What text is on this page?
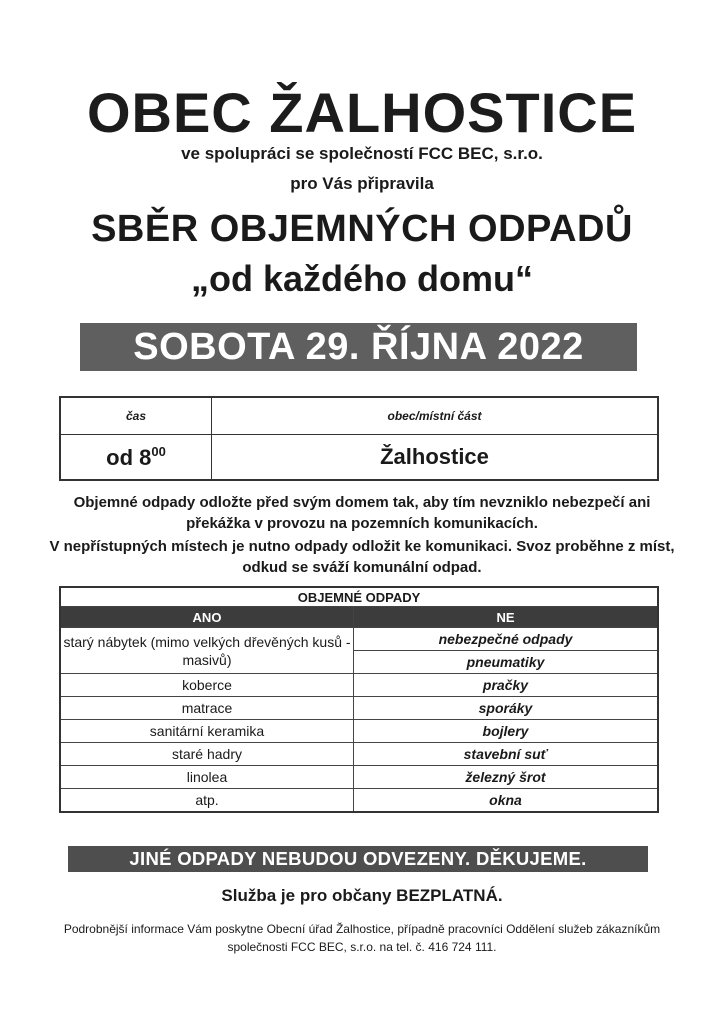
OBEC ŽALHOSTICE
ve spolupráci se společností FCC BEC, s.r.o.
pro Vás připravila
SBĚR OBJEMNÝCH ODPADŮ
„od každého domu“
SOBOTA 29. ŘÍJNA 2022
čas	obec/místní část
od $8^{00}$	Žalhostice
Objemné odpady odložte před svým domem tak, aby tím nevzniklo nebezpečí ani překážka v provozu na pozemních komunikacích.
V nepřístupných místech je nutno odpady odložit ke komunikaci. Svoz proběhne z míst, odkud se sváží komunální odpad.
OBJEMNÉ ODPADY	
ANO	NE
starý nábytek (mimo velkých dřevěných kusů - masivů)	nebezpečné odpady
	pneumatiky
koberce	pračky
matrace	sporáky
sanitární keramika	bojlery
staré hadry	stavební suť
linolea	železný šrot
atp.	okna
JINÉ ODPADY NEBUDOU ODVEZENY. DĚKUJEME.
Služba je pro občany BEZPLATNÁ.
Podrobnější informace Vám poskytne Obecní úřad Žalhostice, případně pracovníci Oddělení služeb zákazníkům společnosti FCC BEC, s.r.o. na tel. č. 416 724 111.
